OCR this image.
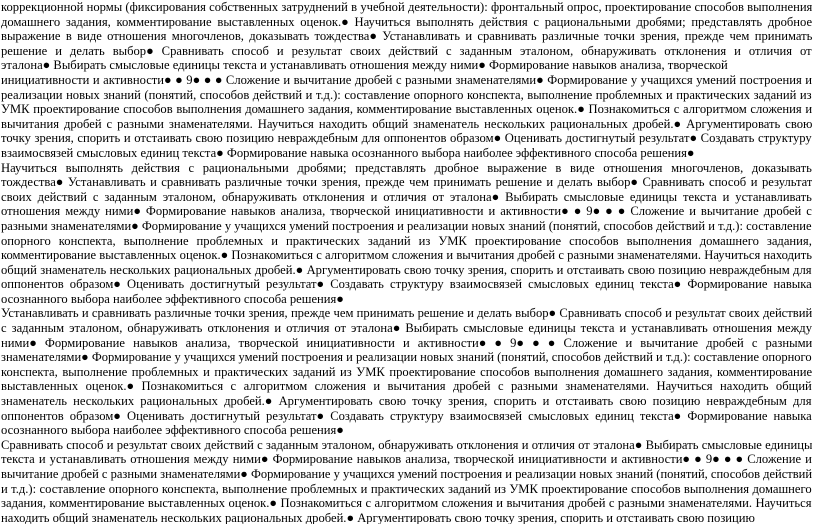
коррекционной нормы (фиксирования собственных затруднений в учебной деятельности): фронтальный опрос, проектирование способов выполнения
домашнего задания, комментирование выставленных оценок.● Научиться выполнять действия с рациональными дробями; представлять дробное
выражение в виде отношения многочленов, доказывать тождества● Устанавливать и сравнивать различные точки зрения, прежде чем принимать
решение и делать выбор● Сравнивать способ и результат своих действий с заданным эталоном, обнаруживать отклонения и отличия от
эталона● Выбирать смысловые единицы текста и устанавливать отношения между ними● Формирование навыков анализа, творческой
инициативности и активности● ● 9● ● ● Сложение и вычитание дробей с разными знаменателями● Формирование у учащихся умений построения и
реализации новых знаний (понятий, способов действий и т.д.): составление опорного конспекта, выполнение проблемных и практических заданий из
УМК проектирование способов выполнения домашнего задания, комментирование выставленных оценок.● Познакомиться с алгоритмом сложения и
вычитания дробей с разными знаменателями. Научиться находить общий знаменатель нескольких рациональных дробей.● Аргументировать свою
точку зрения, спорить и отстаивать свою позицию невраждебным для оппонентов образом● Оценивать достигнутый результат● Создавать структуру
взаимосвязей смысловых единиц текста● Формирование навыка осознанного выбора наиболее эффективного способа решения●

Научиться выполнять действия с рациональными дробями; представлять дробное выражение в виде отношения многочленов, доказывать
тождества● Устанавливать и сравнивать различные точки зрения, прежде чем принимать решение и делать выбор● Сравнивать способ и результат
своих действий с заданным эталоном, обнаруживать отклонения и отличия от эталона● Выбирать смысловые единицы текста и устанавливать
отношения между ними● Формирование навыков анализа, творческой инициативности и активности● ● 9● ● ● Сложение и вычитание дробей с
разными знаменателями● Формирование у учащихся умений построения и реализации новых знаний (понятий, способов действий и т.д.): составление
опорного конспекта, выполнение проблемных и практических заданий из УМК проектирование способов выполнения домашнего задания,
комментирование выставленных оценок.● Познакомиться с алгоритмом сложения и вычитания дробей с разными знаменателями. Научиться находить
общий знаменатель нескольких рациональных дробей.● Аргументировать свою точку зрения, спорить и отстаивать свою позицию невраждебным для
оппонентов образом● Оценивать достигнутый результат● Создавать структуру взаимосвязей смысловых единиц текста● Формирование навыка
осознанного выбора наиболее эффективного способа решения●

Устанавливать и сравнивать различные точки зрения, прежде чем принимать решение и делать выбор● Сравнивать способ и результат своих действий
с заданным эталоном, обнаруживать отклонения и отличия от эталона● Выбирать смысловые единицы текста и устанавливать отношения между
ними● Формирование навыков анализа, творческой инициативности и активности● ● 9● ● ● Сложение и вычитание дробей с разными
знаменателями● Формирование у учащихся умений построения и реализации новых знаний (понятий, способов действий и т.д.): составление опорного
конспекта, выполнение проблемных и практических заданий из УМК проектирование способов выполнения домашнего задания, комментирование
выставленных оценок.● Познакомиться с алгоритмом сложения и вычитания дробей с разными знаменателями. Научиться находить общий
знаменатель нескольких рациональных дробей.● Аргументировать свою точку зрения, спорить и отстаивать свою позицию невраждебным для
оппонентов образом● Оценивать достигнутый результат● Создавать структуру взаимосвязей смысловых единиц текста● Формирование навыка
осознанного выбора наиболее эффективного способа решения●

Сравнивать способ и результат своих действий с заданным эталоном, обнаруживать отклонения и отличия от эталона● Выбирать смысловые единицы
текста и устанавливать отношения между ними● Формирование навыков анализа, творческой инициативности и активности● ● 9● ● ● Сложение и
вычитание дробей с разными знаменателями● Формирование у учащихся умений построения и реализации новых знаний (понятий, способов действий
и т.д.): составление опорного конспекта, выполнение проблемных и практических заданий из УМК проектирование способов выполнения домашнего
задания, комментирование выставленных оценок.● Познакомиться с алгоритмом сложения и вычитания дробей с разными знаменателями. Научиться
находить общий знаменатель нескольких рациональных дробей.● Аргументировать свою точку зрения, спорить и отстаивать свою позицию
